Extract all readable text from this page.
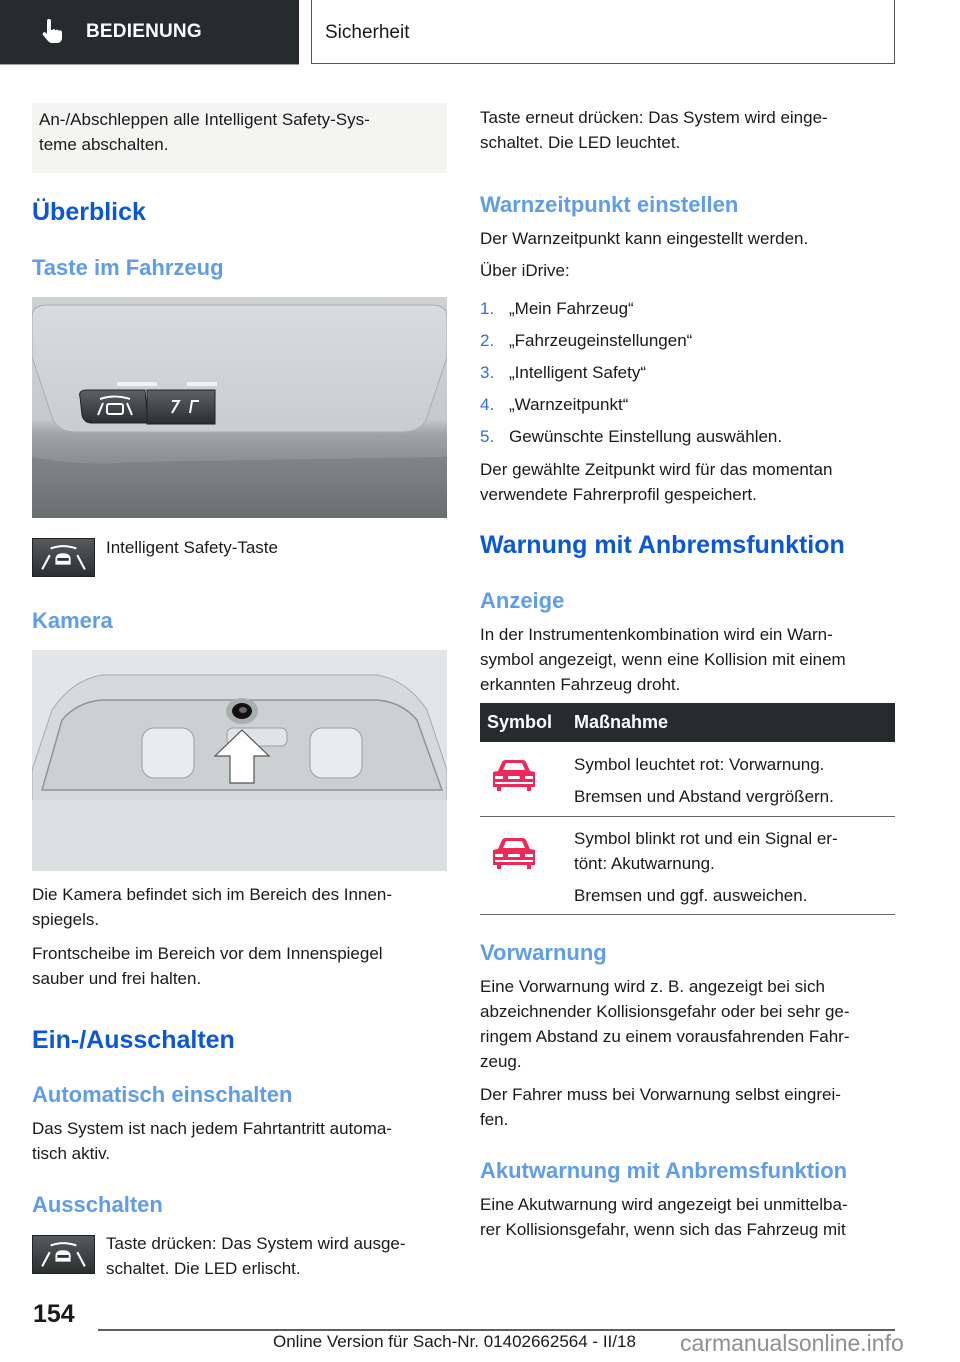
BEDIENUNG	Sicherheit
An-/Abschleppen alle Intelligent Safety-Sys-
teme abschalten.
Überblick
Taste im Fahrzeug
Intelligent Safety-Taste
Kamera
Die Kamera befindet sich im Bereich des Innen-
spiegels.
Frontscheibe im Bereich vor dem Innenspiegel
sauber und frei halten.
Ein-/Ausschalten
Automatisch einschalten
Das System ist nach jedem Fahrtantritt automa-
tisch aktiv.
Ausschalten
Taste drücken: Das System wird ausge-
schaltet. Die LED erlischt.
Taste erneut drücken: Das System wird einge-
schaltet. Die LED leuchtet.
Warnzeitpunkt einstellen
Der Warnzeitpunkt kann eingestellt werden.
Über iDrive:
1. „Mein Fahrzeug“
2. „Fahrzeugeinstellungen“
3. „Intelligent Safety“
4. „Warnzeitpunkt“
5. Gewünschte Einstellung auswählen.
Der gewählte Zeitpunkt wird für das momentan
verwendete Fahrerprofil gespeichert.
Warnung mit Anbremsfunktion
Anzeige
In der Instrumentenkombination wird ein Warn-
symbol angezeigt, wenn eine Kollision mit einem
erkannten Fahrzeug droht.
Symbol	Maßnahme
Symbol leuchtet rot: Vorwarnung.
Bremsen und Abstand vergrößern.
Symbol blinkt rot und ein Signal er-
tönt: Akutwarnung.
Bremsen und ggf. ausweichen.
Vorwarnung
Eine Vorwarnung wird z. B. angezeigt bei sich
abzeichnender Kollisionsgefahr oder bei sehr ge-
ringem Abstand zu einem vorausfahrenden Fahr-
zeug.
Der Fahrer muss bei Vorwarnung selbst eingrei-
fen.
Akutwarnung mit Anbremsfunktion
Eine Akutwarnung wird angezeigt bei unmittelba-
rer Kollisionsgefahr, wenn sich das Fahrzeug mit
154
Online Version für Sach-Nr. 01402662564 - II/18 carmanualsonline.info
